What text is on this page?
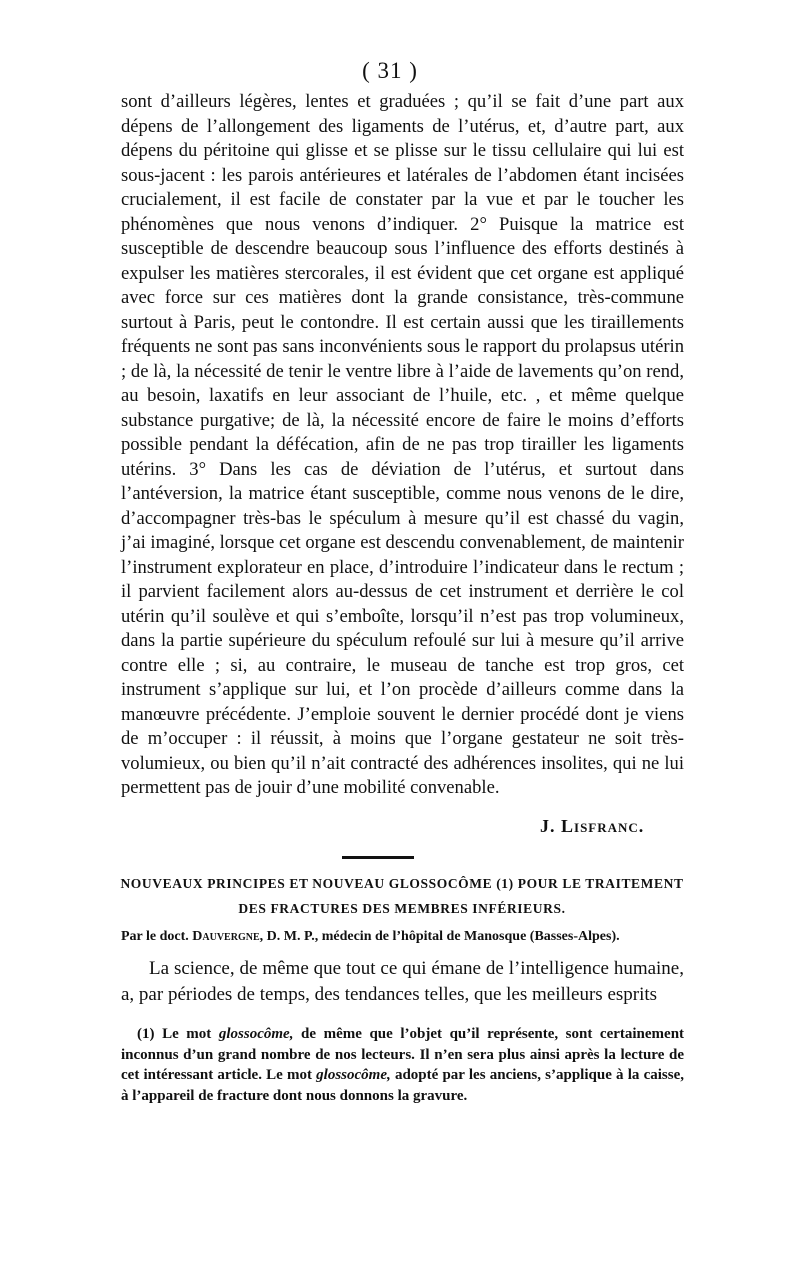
( 31 )

sont d’ailleurs légères, lentes et graduées ; qu’il se fait d’une part aux dépens de l’allongement des ligaments de l’utérus, et, d’autre part, aux dépens du péritoine qui glisse et se plisse sur le tissu cellulaire qui lui est sous-jacent : les parois antérieures et latérales de l’abdomen étant incisées crucialement, il est facile de constater par la vue et par le toucher les phénomènes que nous venons d’indiquer. 2° Puisque la matrice est susceptible de descendre beaucoup sous l’influence des efforts destinés à expulser les matières stercorales, il est évident que cet organe est appliqué avec force sur ces matières dont la grande consistance, très-commune surtout à Paris, peut le contondre. Il est certain aussi que les tiraillements fréquents ne sont pas sans inconvénients sous le rapport du prolapsus utérin ; de là, la nécessité de tenir le ventre libre à l’aide de lavements qu’on rend, au besoin, laxatifs en leur associant de l’huile, etc. , et même quelque substance purgative; de là, la nécessité encore de faire le moins d’efforts possible pendant la défécation, afin de ne pas trop tirailler les ligaments utérins. 3° Dans les cas de déviation de l’utérus, et surtout dans l’antéversion, la matrice étant susceptible, comme nous venons de le dire, d’accompagner très-bas le spéculum à mesure qu’il est chassé du vagin, j’ai imaginé, lorsque cet organe est descendu convenablement, de maintenir l’instrument explorateur en place, d’introduire l’indicateur dans le rectum ; il parvient facilement alors au-dessus de cet instrument et derrière le col utérin qu’il soulève et qui s’emboîte, lorsqu’il n’est pas trop volumineux, dans la partie supérieure du spéculum refoulé sur lui à mesure qu’il arrive contre elle ; si, au contraire, le museau de tanche est trop gros, cet instrument s’applique sur lui, et l’on procède d’ailleurs comme dans la manœuvre précédente. J’emploie souvent le dernier procédé dont je viens de m’occuper : il réussit, à moins que l’organe gestateur ne soit très-volumieux, ou bien qu’il n’ait contracté des adhérences insolites, qui ne lui permettent pas de jouir d’une mobilité convenable.

J. Lisfranc.
NOUVEAUX PRINCIPES ET NOUVEAU GLOSSOCÔME (1) POUR LE TRAITEMENT
DES FRACTURES DES MEMBRES INFÉRIEURS.
Par le doct. Dauvergne, D. M. P., médecin de l’hôpital de Manosque (Basses-Alpes).
La science, de même que tout ce qui émane de l’intelligence humaine, a, par périodes de temps, des tendances telles, que les meilleurs esprits
(1) Le mot glossocôme, de même que l’objet qu’il représente, sont certainement inconnus d’un grand nombre de nos lecteurs. Il n’en sera plus ainsi après la lecture de cet intéressant article. Le mot glossocôme, adopté par les anciens, s’applique à la caisse, à l’appareil de fracture dont nous donnons la gravure.
